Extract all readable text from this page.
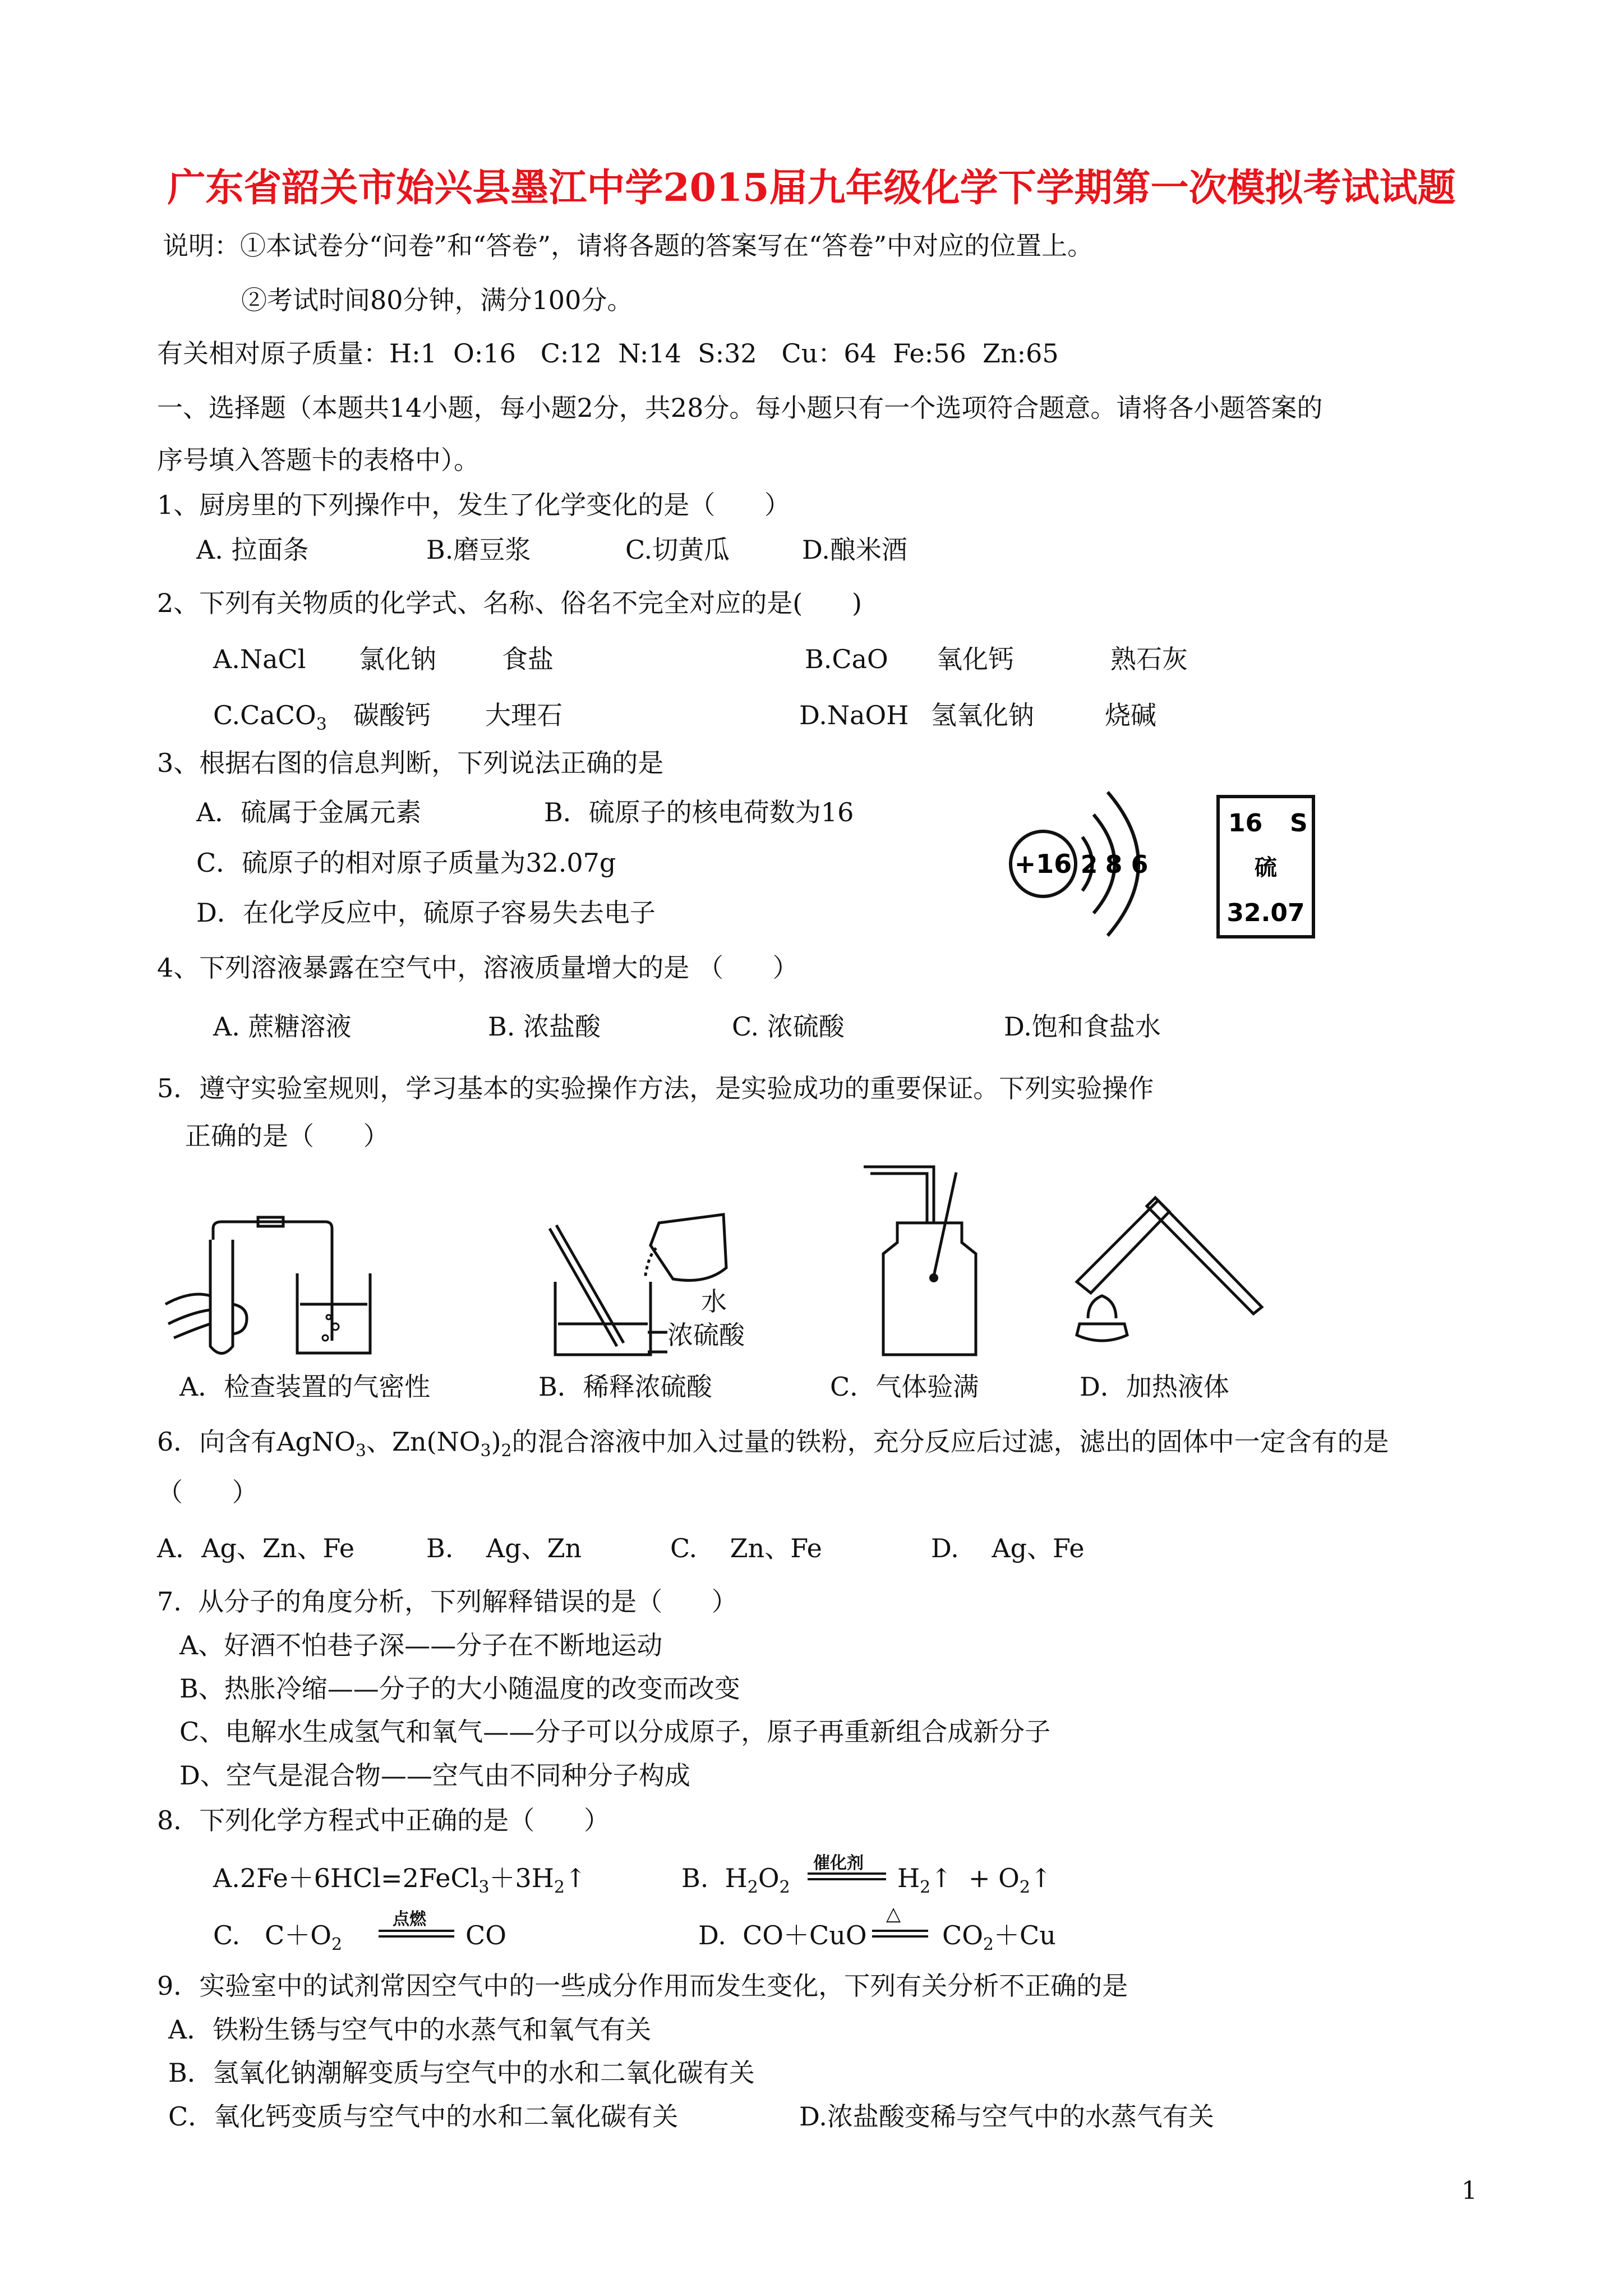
广东省韶关市始兴县墨江中学2015届九年级化学下学期第一次模拟考试试题
说明：①本试卷分“问卷”和“答卷”，请将各题的答案写在“答卷”中对应的位置上。
②考试时间80分钟，满分100分。
有关相对原子质量：H:1  O:16   C:12  N:14  S:32   Cu：64  Fe:56  Zn:65
一、选择题（本题共14小题，每小题2分，共28分。每小题只有一个选项符合题意。请将各小题答案的
序号填入答题卡的表格中）。
1、厨房里的下列操作中，发生了化学变化的是（      ）
A. 拉面条	B.磨豆浆	C.切黄瓜	D.酿米酒
2、下列有关物质的化学式、名称、俗名不完全对应的是(      )
A.NaCl 氯化钠	食盐	B.CaO 氧化钙	熟石灰
C.CaCO$_3$ 碳酸钙 大理石	D.NaOH 氢氧化钠	烧碱
3、根据右图的信息判断，下列说法正确的是
A．硫属于金属元素	B．硫原子的核电荷数为16
C．硫原子的相对原子质量为32.07g
D．在化学反应中，硫原子容易失去电子
+16 2 8 6
16 S
硫
32.07
4、下列溶液暴露在空气中，溶液质量增大的是 （      ）
A. 蔗糖溶液	B. 浓盐酸	C. 浓硫酸	D.饱和食盐水
5．遵守实验室规则，学习基本的实验操作方法，是实验成功的重要保证。下列实验操作
正确的是（      ）
水
浓硫酸
A．检查装置的气密性	B．稀释浓硫酸	C．气体验满	D．加热液体
6．向含有AgNO$_3$、$Zn(NO_3)_2$的混合溶液中加入过量的铁粉，充分反应后过滤，滤出的固体中一定含有的是
（      ）
A．Ag、Zn、Fe	B.    Ag、Zn	C.    Zn、Fe	D.    Ag、Fe
7.  从分子的角度分析，下列解释错误的是（      ）
A、好酒不怕巷子深——分子在不断地运动
B、热胀冷缩——分子的大小随温度的改变而改变
C、电解水生成氢气和氧气——分子可以分成原子，原子再重新组合成新分子
D、空气是混合物——空气由不同种分子构成
8．下列化学方程式中正确的是（      ）
$A.2Fe+6HCl=2FeCl_3+3H_2↑$	B.  $H_2O_2$
催化剂 $H_2↑$  + $O_2↑$
C.   $C+O_2$
点燃
CO	D.  CO＋CuO
△
$CO_2+Cu$
9．实验室中的试剂常因空气中的一些成分作用而发生变化，下列有关分析不正确的是
A．铁粉生锈与空气中的水蒸气和氧气有关
B．氢氧化钠潮解变质与空气中的水和二氧化碳有关
C．氧化钙变质与空气中的水和二氧化碳有关	D.浓盐酸变稀与空气中的水蒸气有关
1
